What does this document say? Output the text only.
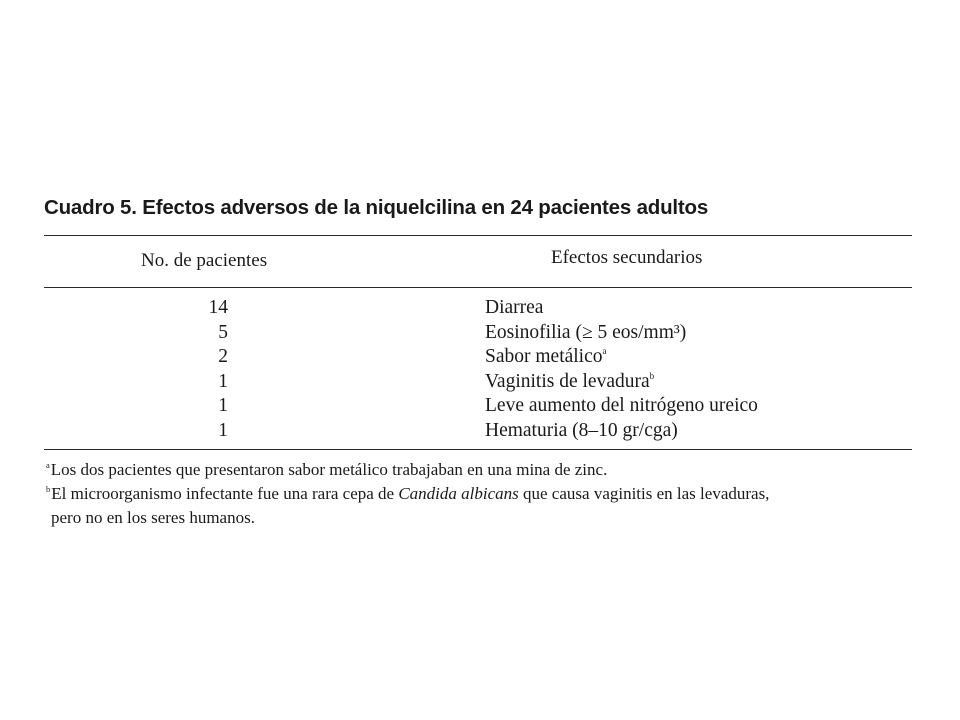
Cuadro 5. Efectos adversos de la niquelcilina en 24 pacientes adultos
No. de pacientes	Efectos secundarios
14	Diarrea
5	Eosinofilia (≥ 5 eos/mm³)
2	Sabor metálico$^a$
1	Vaginitis de levadura$^b$
1	Leve aumento del nitrógeno ureico
1	Hematuria (8–10 gr/cga)
$^a$Los dos pacientes que presentaron sabor metálico trabajaban en una mina de zinc.
$^b$El microorganismo infectante fue una rara cepa de Candida albicans que causa vaginitis en las levaduras,
pero no en los seres humanos.
